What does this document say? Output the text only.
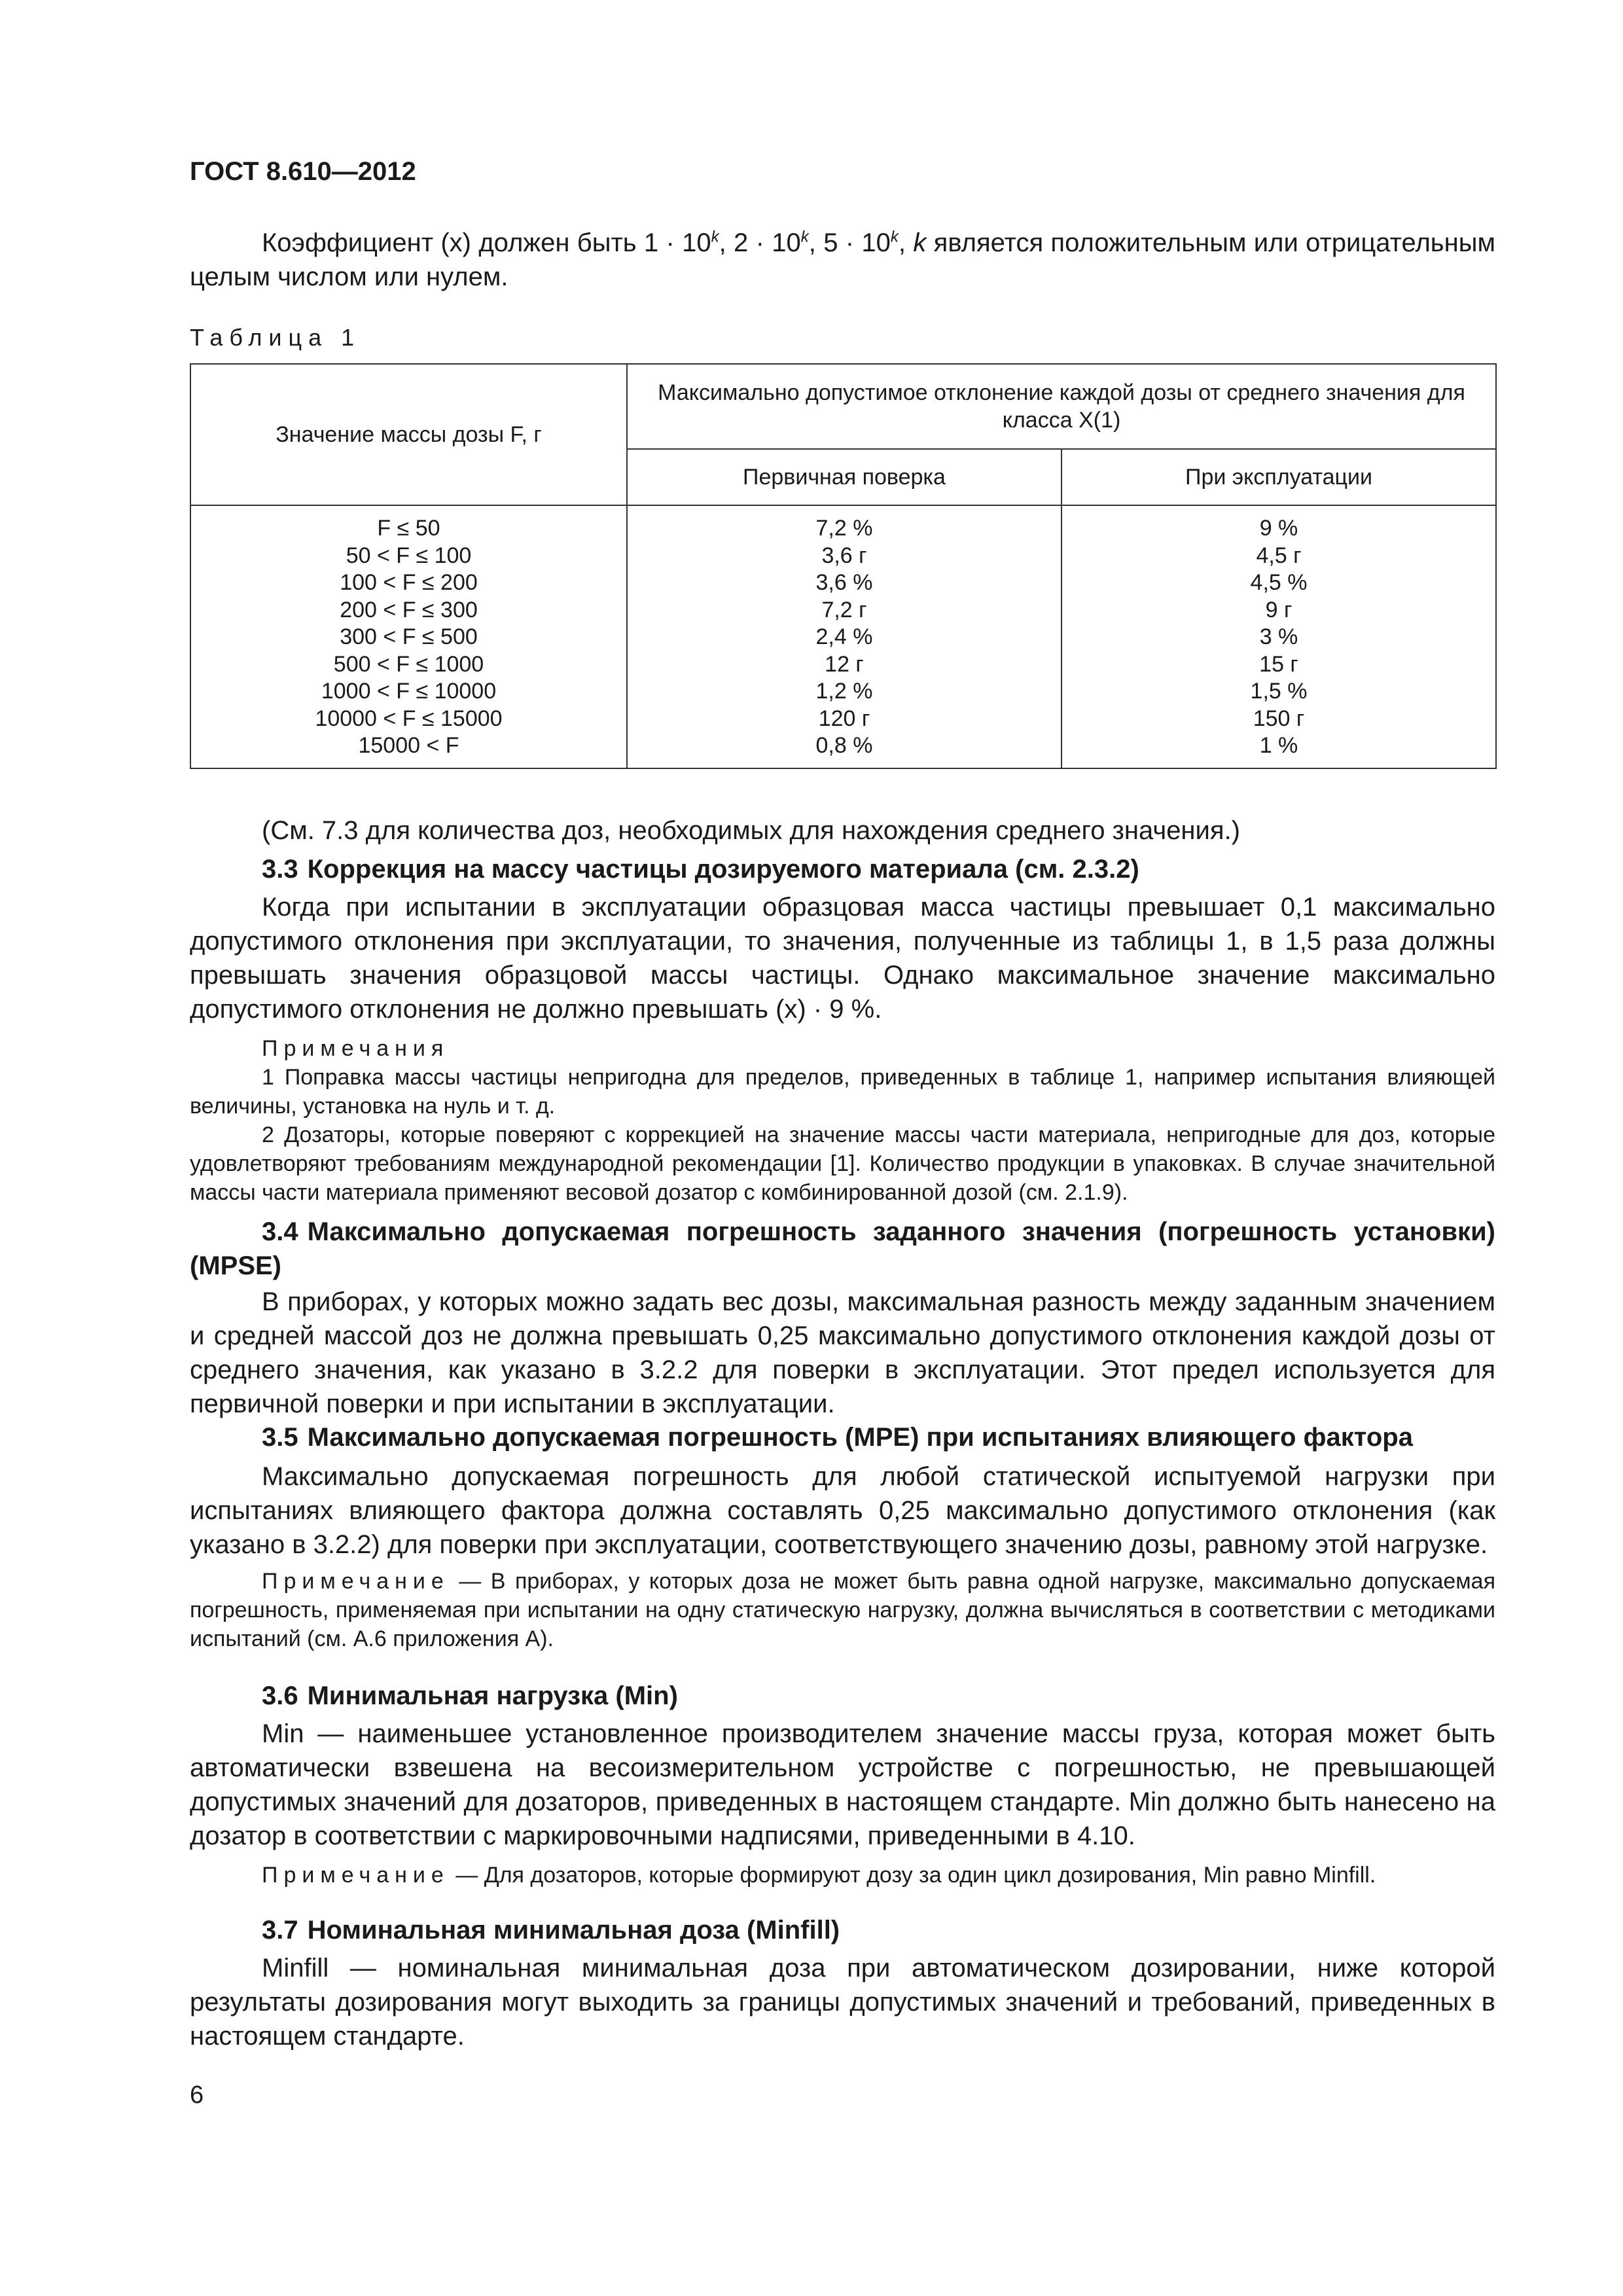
ГОСТ 8.610—2012

Коэффициент (x) должен быть $1 \cdot 10^k$, $2 \cdot 10^k$, $5 \cdot 10^k$, k является положительным или отрицательным целым числом или нулем.

Таблица 1
Значение массы дозы F, г	Максимально допустимое отклонение каждой дозы от среднего значения для класса X(1)	
	Первичная поверка	При эксплуатации
F ≤ 50	7,2 %	9 %
50 < F ≤ 100	3,6 г	4,5 г
100 < F ≤ 200	3,6 %	4,5 %
200 < F ≤ 300	7,2 г	9 г
300 < F ≤ 500	2,4 %	3 %
500 < F ≤ 1000	12 г	15 г
1000 < F ≤ 10000	1,2 %	1,5 %
10000 < F ≤ 15000	120 г	150 г
15000 < F	0,8 %	1 %

(См. 7.3 для количества доз, необходимых для нахождения среднего значения.)

3.3 Коррекция на массу частицы дозируемого материала (см. 2.3.2)

Когда при испытании в эксплуатации образцовая масса частицы превышает 0,1 максимально допустимого отклонения при эксплуатации, то значения, полученные из таблицы 1, в 1,5 раза должны превышать значения образцовой массы частицы. Однако максимальное значение максимально допустимого отклонения не должно превышать (x) · 9 %.

Примечания

1 Поправка массы частицы непригодна для пределов, приведенных в таблице 1, например испытания влияющей величины, установка на нуль и т. д.

2 Дозаторы, которые поверяют с коррекцией на значение массы части материала, непригодные для доз, которые удовлетворяют требованиям международной рекомендации [1]. Количество продукции в упаковках. В случае значительной массы части материала применяют весовой дозатор с комбинированной дозой (см. 2.1.9).

3.4 Максимально допускаемая погрешность заданного значения (погрешность установки) (MPSE)

В приборах, у которых можно задать вес дозы, максимальная разность между заданным значением и средней массой доз не должна превышать 0,25 максимально допустимого отклонения каждой дозы от среднего значения, как указано в 3.2.2 для поверки в эксплуатации. Этот предел используется для первичной поверки и при испытании в эксплуатации.

3.5 Максимально допускаемая погрешность (MPE) при испытаниях влияющего фактора

Максимально допускаемая погрешность для любой статической испытуемой нагрузки при испытаниях влияющего фактора должна составлять 0,25 максимально допустимого отклонения (как указано в 3.2.2) для поверки при эксплуатации, соответствующего значению дозы, равному этой нагрузке.

Примечание — В приборах, у которых доза не может быть равна одной нагрузке, максимально допускаемая погрешность, применяемая при испытании на одну статическую нагрузку, должна вычисляться в соответствии с методиками испытаний (см. А.6 приложения А).

3.6 Минимальная нагрузка (Min)

Min — наименьшее установленное производителем значение массы груза, которая может быть автоматически взвешена на весоизмерительном устройстве с погрешностью, не превышающей допустимых значений для дозаторов, приведенных в настоящем стандарте. Min должно быть нанесено на дозатор в соответствии с маркировочными надписями, приведенными в 4.10.

Примечание — Для дозаторов, которые формируют дозу за один цикл дозирования, Min равно Minfill.

3.7 Номинальная минимальная доза (Minfill)

Minfill — номинальная минимальная доза при автоматическом дозировании, ниже которой результаты дозирования могут выходить за границы допустимых значений и требований, приведенных в настоящем стандарте.

6
